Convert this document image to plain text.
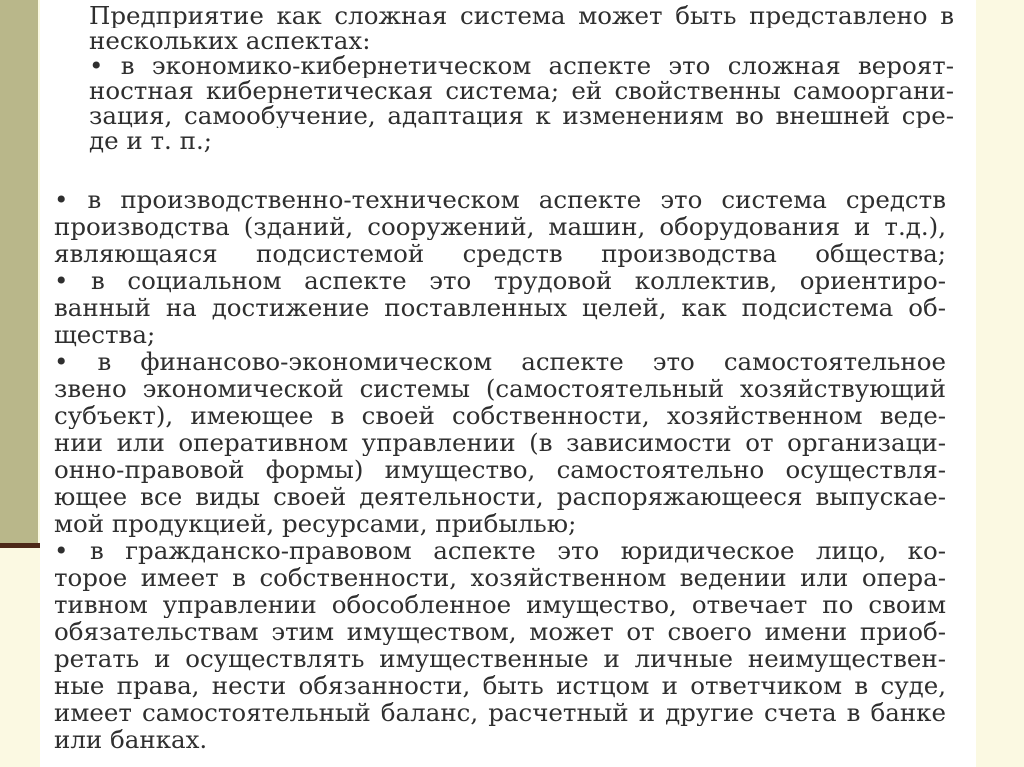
Предприятие как сложная система может быть представлено в
нескольких аспектах:
• в экономико-кибернетическом аспекте это сложная вероят-
ностная кибернетическая система; ей свойственны самооргани-
зация, самообучение, адаптация к изменениям во внешней сре-
де и т. п.;
• в производственно-техническом аспекте это система средств
производства (зданий, сооружений, машин, оборудования и т.д.),
являющаяся подсистемой средств производства общества;
• в социальном аспекте это трудовой коллектив, ориентиро-
ванный на достижение поставленных целей, как подсистема об-
щества;
• в финансово-экономическом аспекте это самостоятельное
звено экономической системы (самостоятельный хозяйствующий
субъект), имеющее в своей собственности, хозяйственном веде-
нии или оперативном управлении (в зависимости от организаци-
онно-правовой формы) имущество, самостоятельно осуществля-
ющее все виды своей деятельности, распоряжающееся выпускае-
мой продукцией, ресурсами, прибылью;
• в гражданско-правовом аспекте это юридическое лицо, ко-
торое имеет в собственности, хозяйственном ведении или опера-
тивном управлении обособленное имущество, отвечает по своим
обязательствам этим имуществом, может от своего имени приоб-
ретать и осуществлять имущественные и личные неимуществен-
ные права, нести обязанности, быть истцом и ответчиком в суде,
имеет самостоятельный баланс, расчетный и другие счета в банке
или банках.
